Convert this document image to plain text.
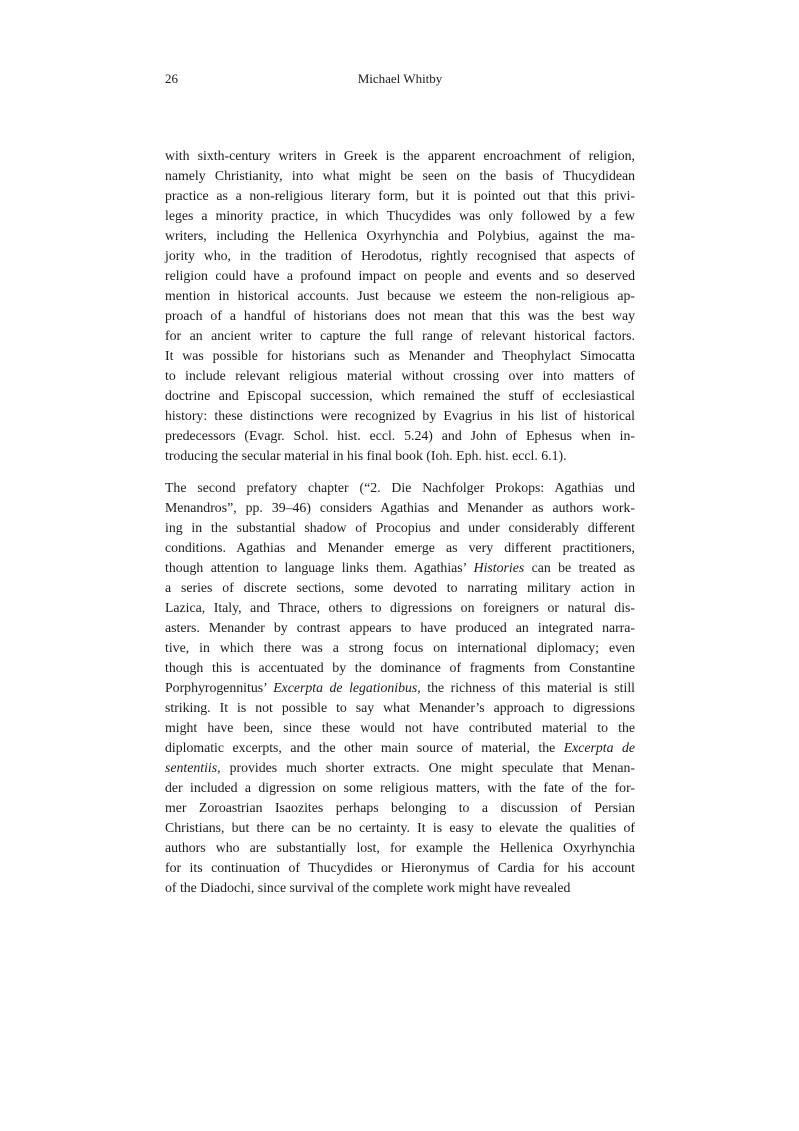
26	Michael Whitby
with sixth-century writers in Greek is the apparent encroachment of religion,
namely Christianity, into what might be seen on the basis of Thucydidean
practice as a non-religious literary form, but it is pointed out that this privi-
leges a minority practice, in which Thucydides was only followed by a few
writers, including the Hellenica Oxyrhynchia and Polybius, against the ma-
jority who, in the tradition of Herodotus, rightly recognised that aspects of
religion could have a profound impact on people and events and so deserved
mention in historical accounts. Just because we esteem the non-religious ap-
proach of a handful of historians does not mean that this was the best way
for an ancient writer to capture the full range of relevant historical factors.
It was possible for historians such as Menander and Theophylact Simocatta
to include relevant religious material without crossing over into matters of
doctrine and Episcopal succession, which remained the stuff of ecclesiastical
history: these distinctions were recognized by Evagrius in his list of historical
predecessors (Evagr. Schol. hist. eccl. 5.24) and John of Ephesus when in-
troducing the secular material in his final book (Ioh. Eph. hist. eccl. 6.1).
The second prefatory chapter (“2. Die Nachfolger Prokops: Agathias und
Menandros”, pp. 39–46) considers Agathias and Menander as authors work-
ing in the substantial shadow of Procopius and under considerably different
conditions. Agathias and Menander emerge as very different practitioners,
though attention to language links them. Agathias’ Histories can be treated as
a series of discrete sections, some devoted to narrating military action in
Lazica, Italy, and Thrace, others to digressions on foreigners or natural dis-
asters. Menander by contrast appears to have produced an integrated narra-
tive, in which there was a strong focus on international diplomacy; even
though this is accentuated by the dominance of fragments from Constantine
Porphyrogennitus’ Excerpta de legationibus, the richness of this material is still
striking. It is not possible to say what Menander’s approach to digressions
might have been, since these would not have contributed material to the
diplomatic excerpts, and the other main source of material, the Excerpta de
sententiis, provides much shorter extracts. One might speculate that Menan-
der included a digression on some religious matters, with the fate of the for-
mer Zoroastrian Isaozites perhaps belonging to a discussion of Persian
Christians, but there can be no certainty. It is easy to elevate the qualities of
authors who are substantially lost, for example the Hellenica Oxyrhynchia
for its continuation of Thucydides or Hieronymus of Cardia for his account
of the Diadochi, since survival of the complete work might have revealed
